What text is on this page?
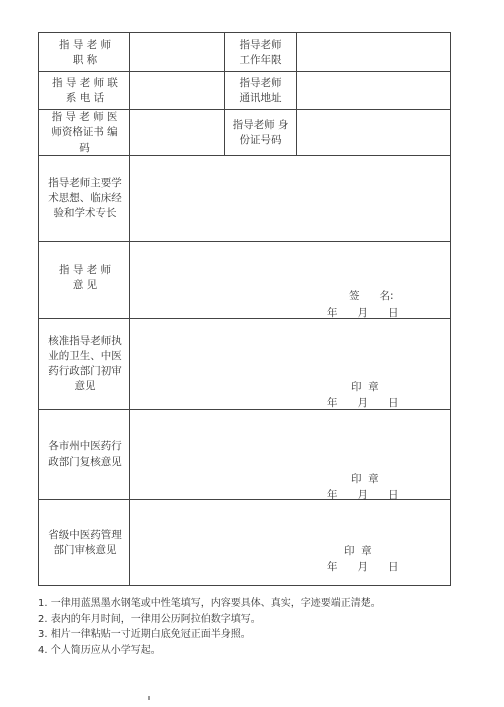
指 导 老 师 职 称
指导老师 工作年限
指 导 老 师 联 系 电 话
指导老师 通讯地址
指 导 老 师 医师资格证书 编码
指导老师 身份证号码
指导老师主要学术思想、临床经验和学术专长
指 导 老 师 意 见
签      名:
年      月      日
核准指导老师执业的卫生、中医药行政部门初审意见	印  章
年      月      日
各市州中医药行政部门复核意见
印  章
年      月      日
省级中医药管理部门审核意见	印  章
年      月      日
1. 一律用蓝黑墨水钢笔或中性笔填写，内容要具体、真实，字迹要端正清楚。
2. 表内的年月时间，一律用公历阿拉伯数字填写。
3. 相片一律粘贴一寸近期白底免冠正面半身照。
4. 个人简历应从小学写起。
